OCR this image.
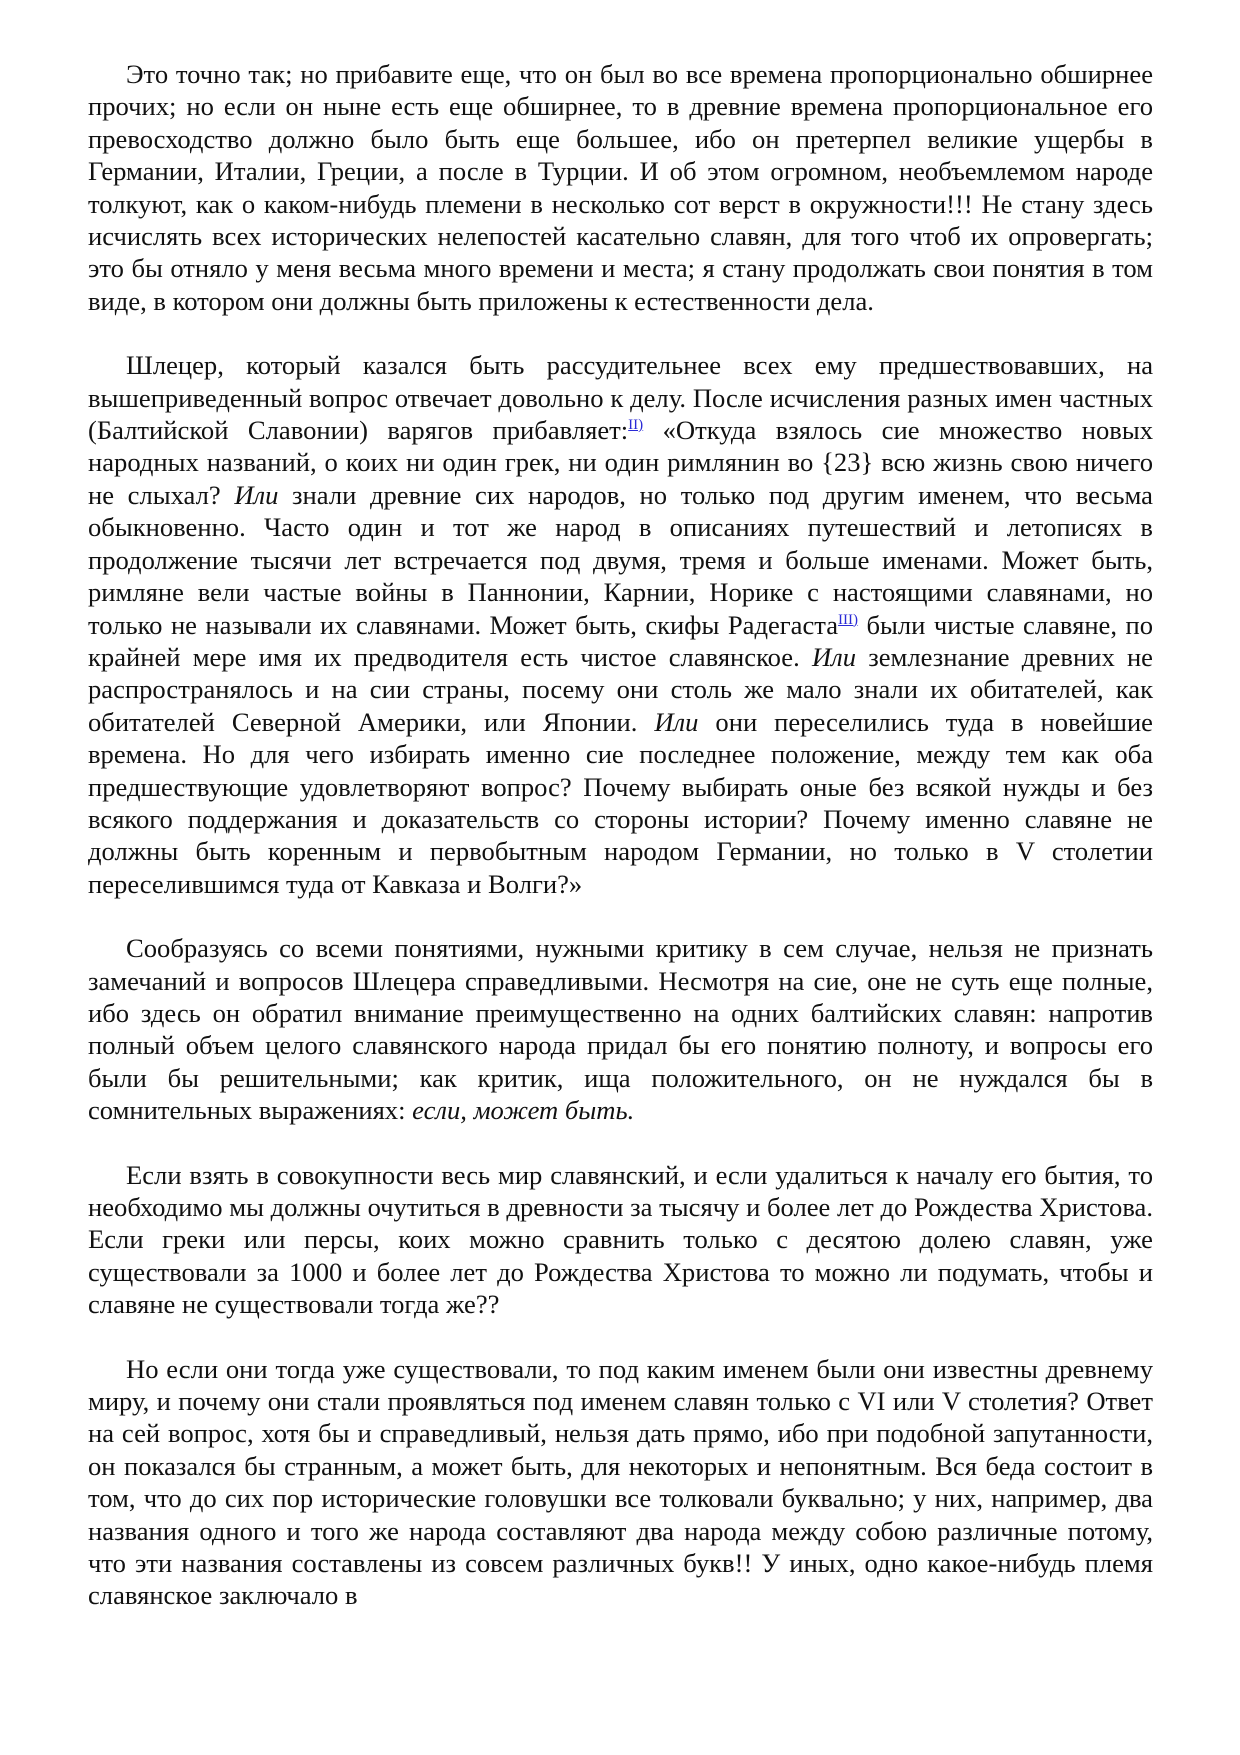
Это точно так; но прибавите еще, что он был во все времена пропорционально обширнее прочих; но если он ныне есть еще обширнее, то в древние времена пропорциональное его превосходство должно было быть еще большее, ибо он претерпел великие ущербы в Германии, Италии, Греции, а после в Турции. И об этом огромном, необъемлемом народе толкуют, как о каком-нибудь племени в несколько сот верст в окружности!!! Не стану здесь исчислять всех исторических нелепостей касательно славян, для того чтоб их опровергать; это бы отняло у меня весьма много времени и места; я стану продолжать свои понятия в том виде, в котором они должны быть приложены к естественности дела.

Шлецер, который казался быть рассудительнее всех ему предшествовавших, на вышеприведенный вопрос отвечает довольно к делу. После исчисления разных имен частных (Балтийской Славонии) варягов прибавляет:$^{II)}$ «Откуда взялось сие множество новых народных названий, о коих ни один грек, ни один римлянин во {23} всю жизнь свою ничего не слыхал? Или знали древние сих народов, но только под другим именем, что весьма обыкновенно. Часто один и тот же народ в описаниях путешествий и летописях в продолжение тысячи лет встречается под двумя, тремя и больше именами. Может быть, римляне вели частые войны в Паннонии, Карнии, Норике с настоящими славянами, но только не называли их славянами. Может быть, скифы Радегаста$^{III)}$ были чистые славяне, по крайней мере имя их предводителя есть чистое славянское. Или землезнание древних не распространялось и на сии страны, посему они столь же мало знали их обитателей, как обитателей Северной Америки, или Японии. Или они переселились туда в новейшие времена. Но для чего избирать именно сие последнее положение, между тем как оба предшествующие удовлетворяют вопрос? Почему выбирать оные без всякой нужды и без всякого поддержания и доказательств со стороны истории? Почему именно славяне не должны быть коренным и первобытным народом Германии, но только в V столетии переселившимся туда от Кавказа и Волги?»

Сообразуясь со всеми понятиями, нужными критику в сем случае, нельзя не признать замечаний и вопросов Шлецера справедливыми. Несмотря на сие, оне не суть еще полные, ибо здесь он обратил внимание преимущественно на одних балтийских славян: напротив полный объем целого славянского народа придал бы его понятию полноту, и вопросы его были бы решительными; как критик, ища положительного, он не нуждался бы в сомнительных выражениях: если, может быть.

Если взять в совокупности весь мир славянский, и если удалиться к началу его бытия, то необходимо мы должны очутиться в древности за тысячу и более лет до Рождества Христова. Если греки или персы, коих можно сравнить только с десятою долею славян, уже существовали за 1000 и более лет до Рождества Христова то можно ли подумать, чтобы и славяне не существовали тогда же??

Но если они тогда уже существовали, то под каким именем были они известны древнему миру, и почему они стали проявляться под именем славян только с VI или V столетия? Ответ на сей вопрос, хотя бы и справедливый, нельзя дать прямо, ибо при подобной запутанности, он показался бы странным, а может быть, для некоторых и непонятным. Вся беда состоит в том, что до сих пор исторические головушки все толковали буквально; у них, например, два названия одного и того же народа составляют два народа между собою различные потому, что эти названия составлены из совсем различных букв!! У иных, одно какое-нибудь племя славянское заключало в
